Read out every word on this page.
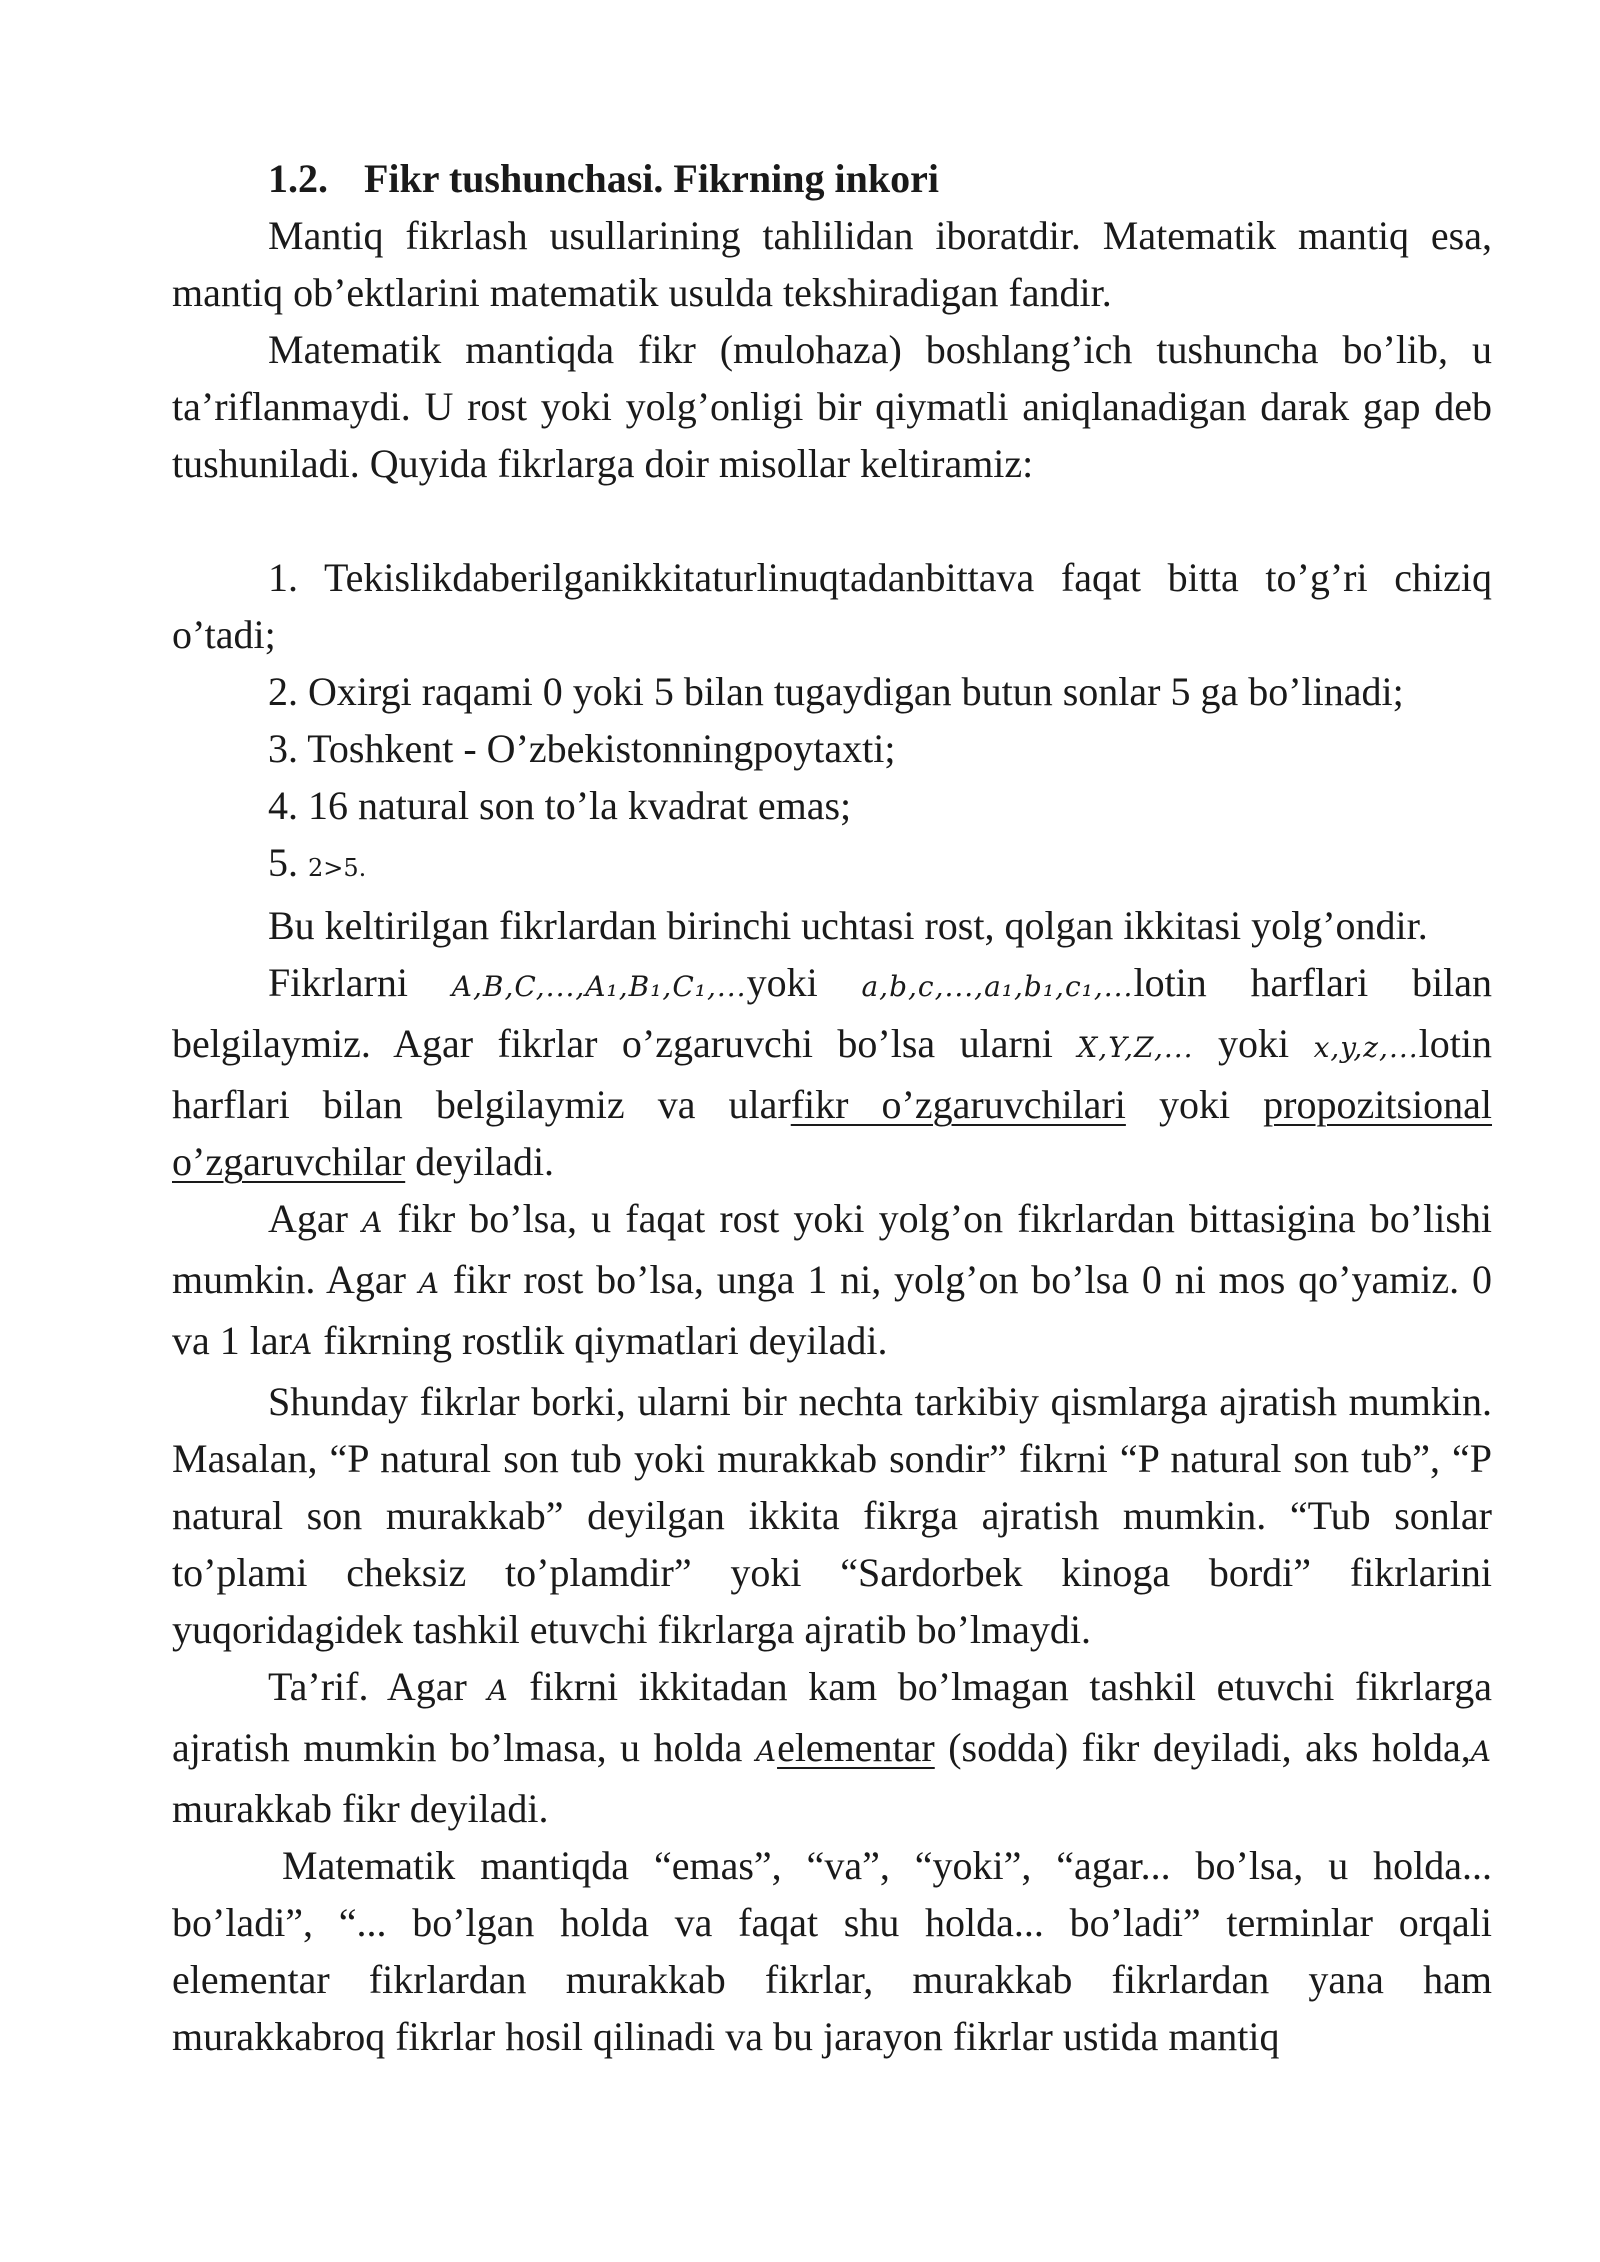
1.2. Fikr tushunchasi. Fikrning inkori

Mantiq fikrlash usullarining tahlilidan iboratdir. Matematik mantiq esa, mantiq ob’ektlarini matematik usulda tekshiradigan fandir.

Matematik mantiqda fikr (mulohaza) boshlang’ich tushuncha bo’lib, u ta’riflanmaydi. U rost yoki yolg’onligi bir qiymatli aniqlanadigan darak gap deb tushuniladi. Quyida fikrlarga doir misollar keltiramiz:

1. Tekislikdaberilganikkitaturlinuqtadanbittava faqat bitta to’g’ri chiziq o’tadi;

2. Oxirgi raqami 0 yoki 5 bilan tugaydigan butun sonlar 5 ga bo’linadi;

3. Toshkent - O’zbekistonningpoytaxti;

4. 16 natural son to’la kvadrat emas;

5. 2>5.

Bu keltirilgan fikrlardan birinchi uchtasi rost, qolgan ikkitasi yolg’ondir.

Fikrlarni A,B,C,...,A₁,B₁,C₁,...yoki a,b,c,...,a₁,b₁,c₁,...lotin harflari bilan belgilaymiz. Agar fikrlar o’zgaruvchi bo’lsa ularni X,Y,Z,... yoki x,y,z,...lotin harflari bilan belgilaymiz va ularfikr o’zgaruvchilari yoki propozitsional o’zgaruvchilar deyiladi.

Agar A fikr bo’lsa, u faqat rost yoki yolg’on fikrlardan bittasigina bo’lishi mumkin. Agar A fikr rost bo’lsa, unga 1 ni, yolg’on bo’lsa 0 ni mos qo’yamiz. 0 va 1 larA fikrning rostlik qiymatlari deyiladi.

Shunday fikrlar borki, ularni bir nechta tarkibiy qismlarga ajratish mumkin. Masalan, “P natural son tub yoki murakkab sondir” fikrni “P natural son tub”, “P natural son murakkab” deyilgan ikkita fikrga ajratish mumkin. “Tub sonlar to’plami cheksiz to’plamdir” yoki “Sardorbek kinoga bordi” fikrlarini yuqoridagidek tashkil etuvchi fikrlarga ajratib bo’lmaydi.

Ta’rif. Agar A fikrni ikkitadan kam bo’lmagan tashkil etuvchi fikrlarga ajratish mumkin bo’lmasa, u holda Aelementar (sodda) fikr deyiladi, aks holda,A murakkab fikr deyiladi.

Matematik mantiqda “emas”, “va”, “yoki”, “agar... bo’lsa, u holda... bo’ladi”, “... bo’lgan holda va faqat shu holda... bo’ladi” terminlar orqali elementar fikrlardan murakkab fikrlar, murakkab fikrlardan yana ham murakkabroq fikrlar hosil qilinadi va bu jarayon fikrlar ustida mantiq
